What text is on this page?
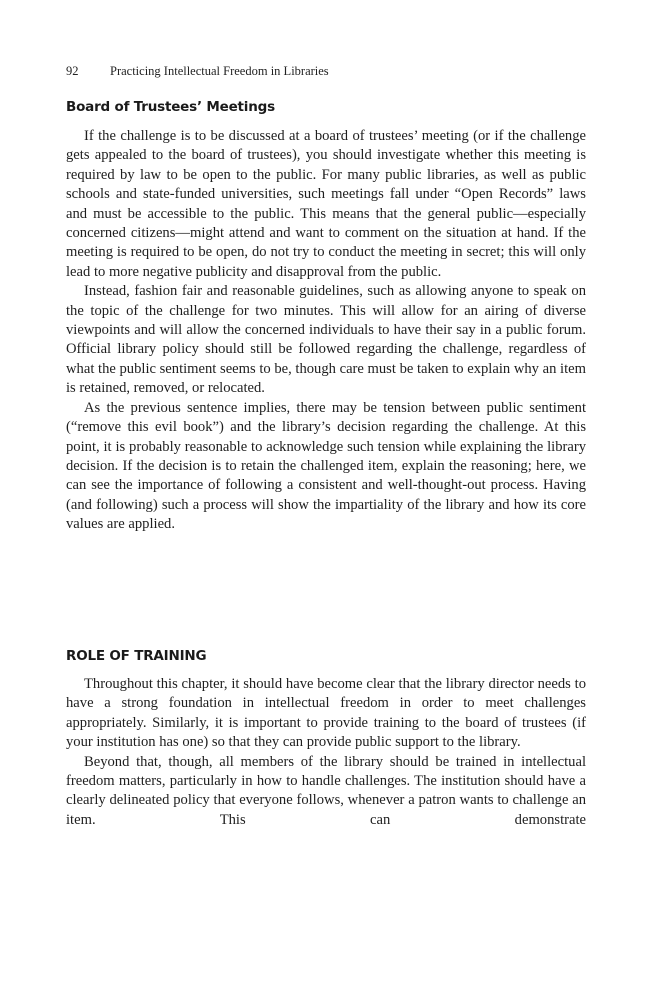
92	Practicing Intellectual Freedom in Libraries
Board of Trustees’ Meetings

If the challenge is to be discussed at a board of trustees’ meeting (or if the challenge gets appealed to the board of trustees), you should investigate whether this meeting is required by law to be open to the public. For many public libraries, as well as public schools and state-funded universities, such meetings fall under “Open Records” laws and must be accessible to the public. This means that the general public—especially concerned citizens—might attend and want to comment on the situation at hand. If the meeting is required to be open, do not try to conduct the meeting in secret; this will only lead to more negative publicity and disapproval from the public.

Instead, fashion fair and reasonable guidelines, such as allowing anyone to speak on the topic of the challenge for two minutes. This will allow for an airing of diverse viewpoints and will allow the concerned individuals to have their say in a public forum. Official library policy should still be followed regarding the challenge, regardless of what the public sentiment seems to be, though care must be taken to explain why an item is retained, removed, or relocated.

As the previous sentence implies, there may be tension between public sentiment (“remove this evil book”) and the library’s decision regarding the challenge. At this point, it is probably reasonable to acknowledge such tension while explaining the library decision. If the decision is to retain the challenged item, explain the reasoning; here, we can see the importance of following a consistent and well-thought-out process. Having (and following) such a process will show the impartiality of the library and how its core values are applied.

ROLE OF TRAINING

Throughout this chapter, it should have become clear that the library director needs to have a strong foundation in intellectual freedom in order to meet challenges appropriately. Similarly, it is important to provide training to the board of trustees (if your institution has one) so that they can provide public support to the library.

Beyond that, though, all members of the library should be trained in intellectual freedom matters, particularly in how to handle challenges. The institution should have a clearly delineated policy that everyone follows, whenever a patron wants to challenge an item. This can demonstrate
